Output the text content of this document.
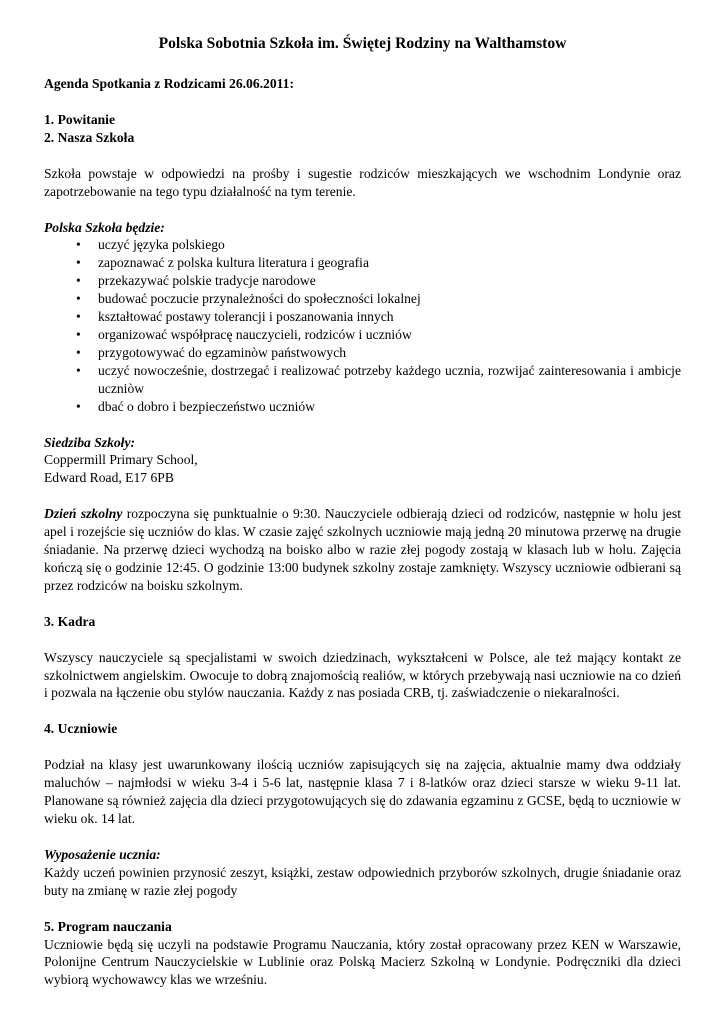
Polska Sobotnia Szkoła im. Świętej Rodziny na Walthamstow

Agenda Spotkania z Rodzicami 26.06.2011:

1. Powitanie

2. Nasza Szkoła

Szkoła powstaje w odpowiedzi na prośby i sugestie rodziców mieszkających we wschodnim Londynie oraz zapotrzebowanie na tego typu działalność na tym terenie.

Polska Szkoła będzie:

• uczyć języka polskiego
• zapoznawać z polska kultura literatura i geografia
• przekazywać polskie tradycje narodowe
• budować poczucie przynależności do społeczności lokalnej
• kształtować postawy tolerancji i poszanowania innych
• organizować współpracę nauczycieli, rodziców i uczniów
• przygotowywać do egzaminòw państwowych
• uczyć nowocześnie, dostrzegać i realizować potrzeby każdego ucznia, rozwijać zainteresowania i ambicje uczniòw
• dbać o dobro i bezpieczeństwo uczniów

Siedziba Szkoły:

Coppermill Primary School,

Edward Road, E17 6PB

Dzień szkolny rozpoczyna się punktualnie o 9:30. Nauczyciele odbierają dzieci od rodziców, następnie w holu jest apel i rozejście się uczniów do klas. W czasie zajęć szkolnych uczniowie mają jedną 20 minutowa przerwę na drugie śniadanie. Na przerwę dzieci wychodzą na boisko albo w razie złej pogody zostają w klasach lub w holu. Zajęcia kończą się o godzinie 12:45. O godzinie 13:00 budynek szkolny zostaje zamknięty. Wszyscy uczniowie odbierani są przez rodziców na boisku szkolnym.

3. Kadra

Wszyscy nauczyciele są specjalistami w swoich dziedzinach, wykształceni w Polsce, ale też mający kontakt ze szkolnictwem angielskim. Owocuje to dobrą znajomością realiów, w których przebywają nasi uczniowie na co dzień i pozwala na łączenie obu stylów nauczania. Każdy z nas posiada CRB, tj. zaświadczenie o niekaralności.

4. Uczniowie

Podział na klasy jest uwarunkowany ilością uczniów zapisujących się na zajęcia, aktualnie mamy dwa oddziały maluchów – najmłodsi w wieku 3-4 i 5-6 lat, następnie klasa 7 i 8-latków oraz dzieci starsze w wieku 9-11 lat. Planowane są również zajęcia dla dzieci przygotowujących się do zdawania egzaminu z GCSE, będą to uczniowie w wieku ok. 14 lat.

Wyposażenie ucznia:

Każdy uczeń powinien przynosić zeszyt, książki, zestaw odpowiednich przyborów szkolnych, drugie śniadanie oraz buty na zmianę w razie złej pogody

5. Program nauczania

Uczniowie będą się uczyli na podstawie Programu Nauczania, który został opracowany przez KEN w Warszawie, Polonijne Centrum Nauczycielskie w Lublinie oraz Polską Macierz Szkolną w Londynie. Podręczniki dla dzieci wybiorą wychowawcy klas we wrześniu.
